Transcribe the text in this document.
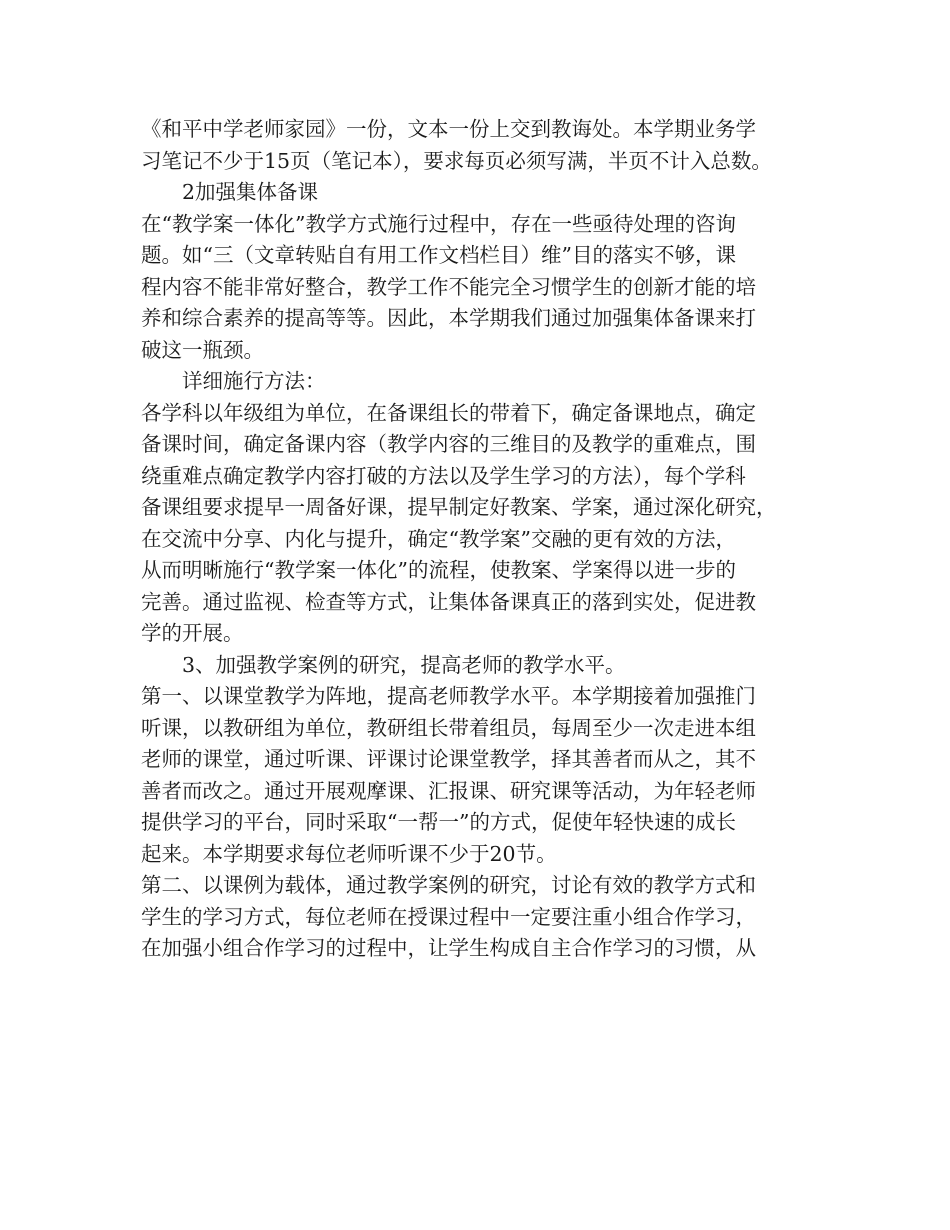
《和平中学老师家园》一份，文本一份上交到教诲处。本学期业务学
习笔记不少于15页（笔记本），要求每页必须写满，半页不计入总数。
2加强集体备课
在“教学案一体化”教学方式施行过程中，存在一些亟待处理的咨询
题。如“三（文章转贴自有用工作文档栏目）维”目的落实不够，课
程内容不能非常好整合，教学工作不能完全习惯学生的创新才能的培
养和综合素养的提高等等。因此，本学期我们通过加强集体备课来打
破这一瓶颈。
详细施行方法：
各学科以年级组为单位，在备课组长的带着下，确定备课地点，确定
备课时间，确定备课内容（教学内容的三维目的及教学的重难点，围
绕重难点确定教学内容打破的方法以及学生学习的方法），每个学科
备课组要求提早一周备好课，提早制定好教案、学案，通过深化研究，
在交流中分享、内化与提升，确定“教学案”交融的更有效的方法，
从而明晰施行“教学案一体化”的流程，使教案、学案得以进一步的
完善。通过监视、检查等方式，让集体备课真正的落到实处，促进教
学的开展。
3、加强教学案例的研究，提高老师的教学水平。
第一、以课堂教学为阵地，提高老师教学水平。本学期接着加强推门
听课，以教研组为单位，教研组长带着组员，每周至少一次走进本组
老师的课堂，通过听课、评课讨论课堂教学，择其善者而从之，其不
善者而改之。通过开展观摩课、汇报课、研究课等活动，为年轻老师
提供学习的平台，同时采取“一帮一”的方式，促使年轻快速的成长
起来。本学期要求每位老师听课不少于20节。
第二、以课例为载体，通过教学案例的研究，讨论有效的教学方式和
学生的学习方式，每位老师在授课过程中一定要注重小组合作学习，
在加强小组合作学习的过程中，让学生构成自主合作学习的习惯，从
